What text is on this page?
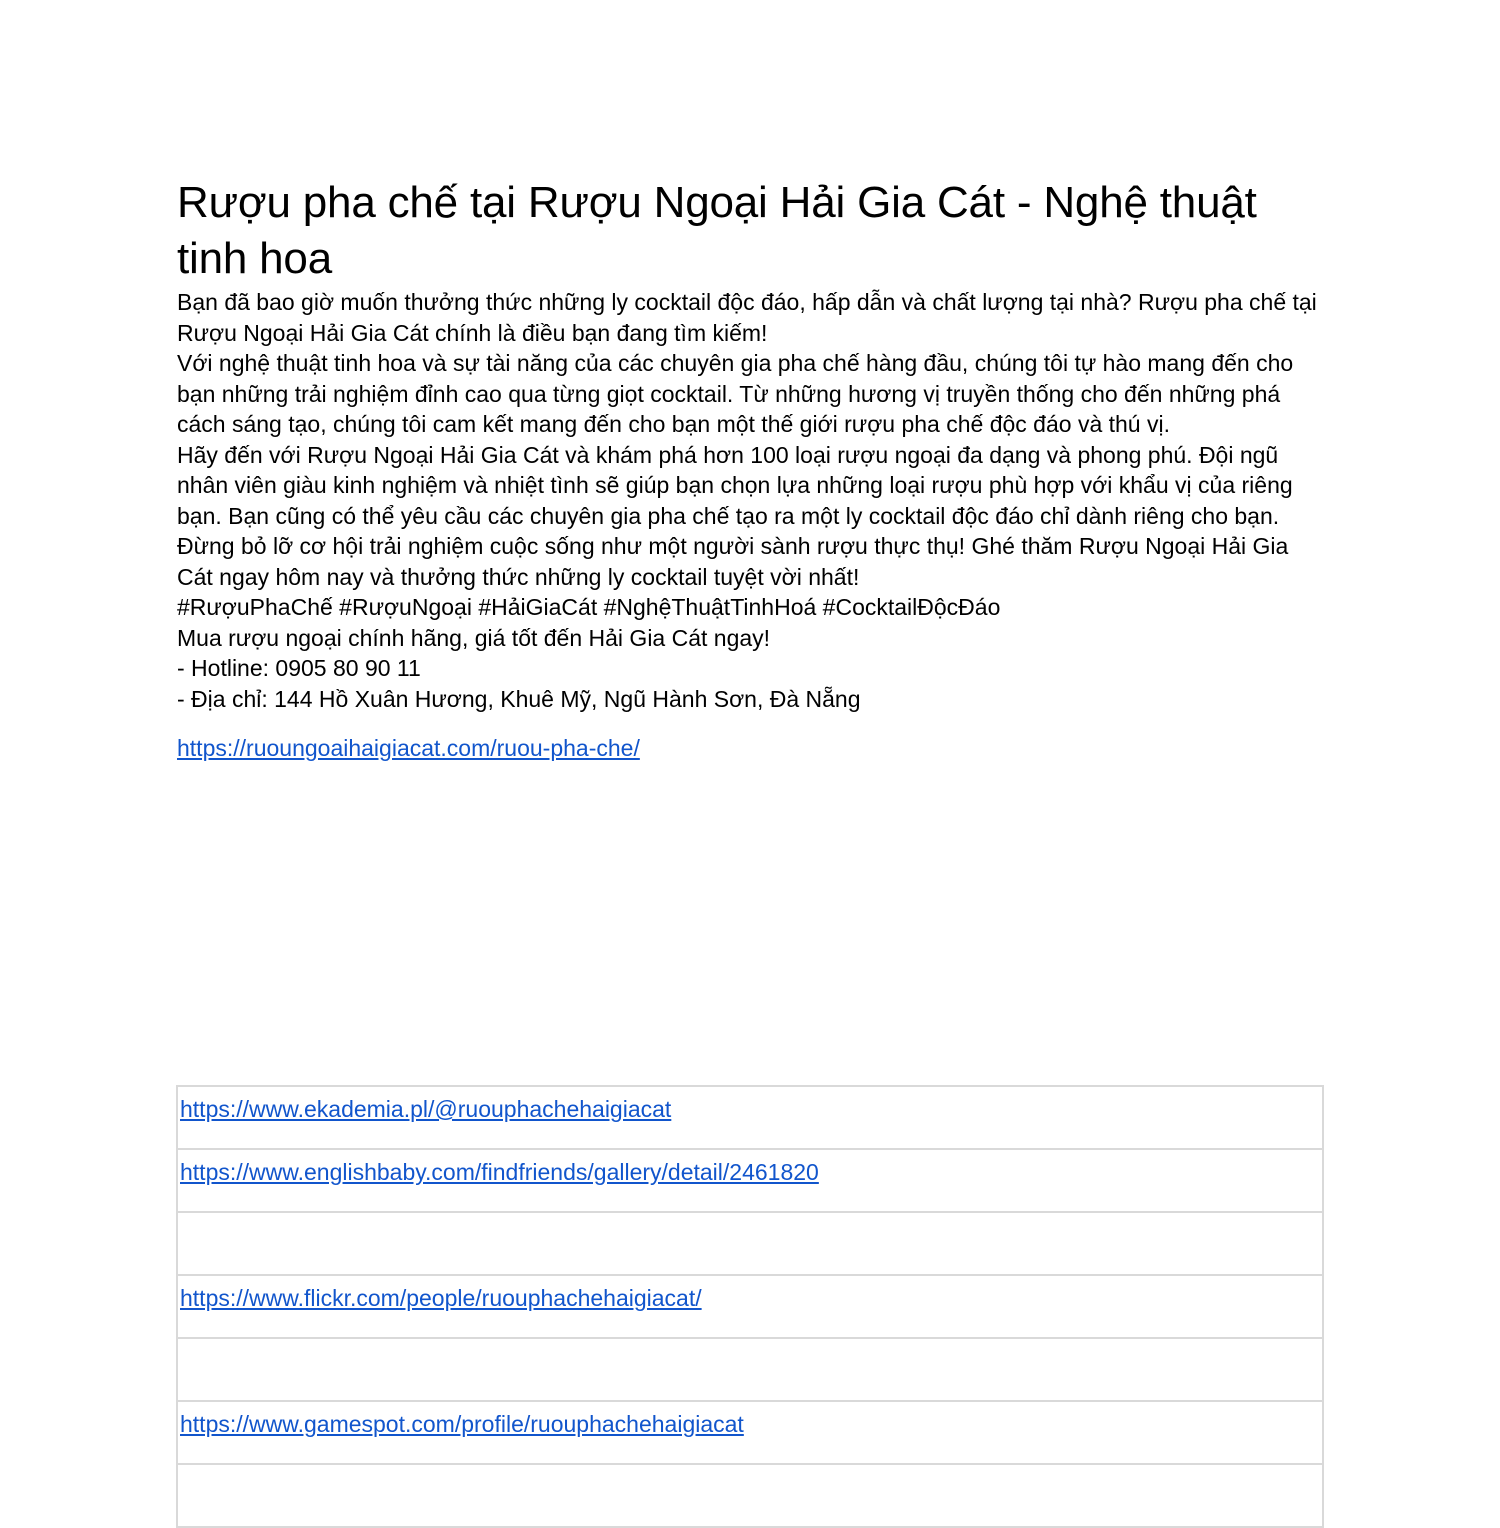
Rượu pha chế tại Rượu Ngoại Hải Gia Cát - Nghệ thuật tinh hoa

Bạn đã bao giờ muốn thưởng thức những ly cocktail độc đáo, hấp dẫn và chất lượng tại nhà? Rượu pha chế tại Rượu Ngoại Hải Gia Cát chính là điều bạn đang tìm kiếm!

Với nghệ thuật tinh hoa và sự tài năng của các chuyên gia pha chế hàng đầu, chúng tôi tự hào mang đến cho bạn những trải nghiệm đỉnh cao qua từng giọt cocktail. Từ những hương vị truyền thống cho đến những phá cách sáng tạo, chúng tôi cam kết mang đến cho bạn một thế giới rượu pha chế độc đáo và thú vị.

Hãy đến với Rượu Ngoại Hải Gia Cát và khám phá hơn 100 loại rượu ngoại đa dạng và phong phú. Đội ngũ nhân viên giàu kinh nghiệm và nhiệt tình sẽ giúp bạn chọn lựa những loại rượu phù hợp với khẩu vị của riêng bạn. Bạn cũng có thể yêu cầu các chuyên gia pha chế tạo ra một ly cocktail độc đáo chỉ dành riêng cho bạn.

Đừng bỏ lỡ cơ hội trải nghiệm cuộc sống như một người sành rượu thực thụ! Ghé thăm Rượu Ngoại Hải Gia Cát ngay hôm nay và thưởng thức những ly cocktail tuyệt vời nhất!

#RượuPhaChế #RượuNgoại #HảiGiaCát #NghệThuậtTinhHoá #CocktailĐộcĐáo

Mua rượu ngoại chính hãng, giá tốt đến Hải Gia Cát ngay!

- Hotline: 0905 80 90 11

- Địa chỉ: 144 Hồ Xuân Hương, Khuê Mỹ, Ngũ Hành Sơn, Đà Nẵng

https://ruoungoaihaigiacat.com/ruou-pha-che/
https://www.ekademia.pl/@ruouphachehaigiacat
https://www.englishbaby.com/findfriends/gallery/detail/2461820

https://www.flickr.com/people/ruouphachehaigiacat/

https://www.gamespot.com/profile/ruouphachehaigiacat
